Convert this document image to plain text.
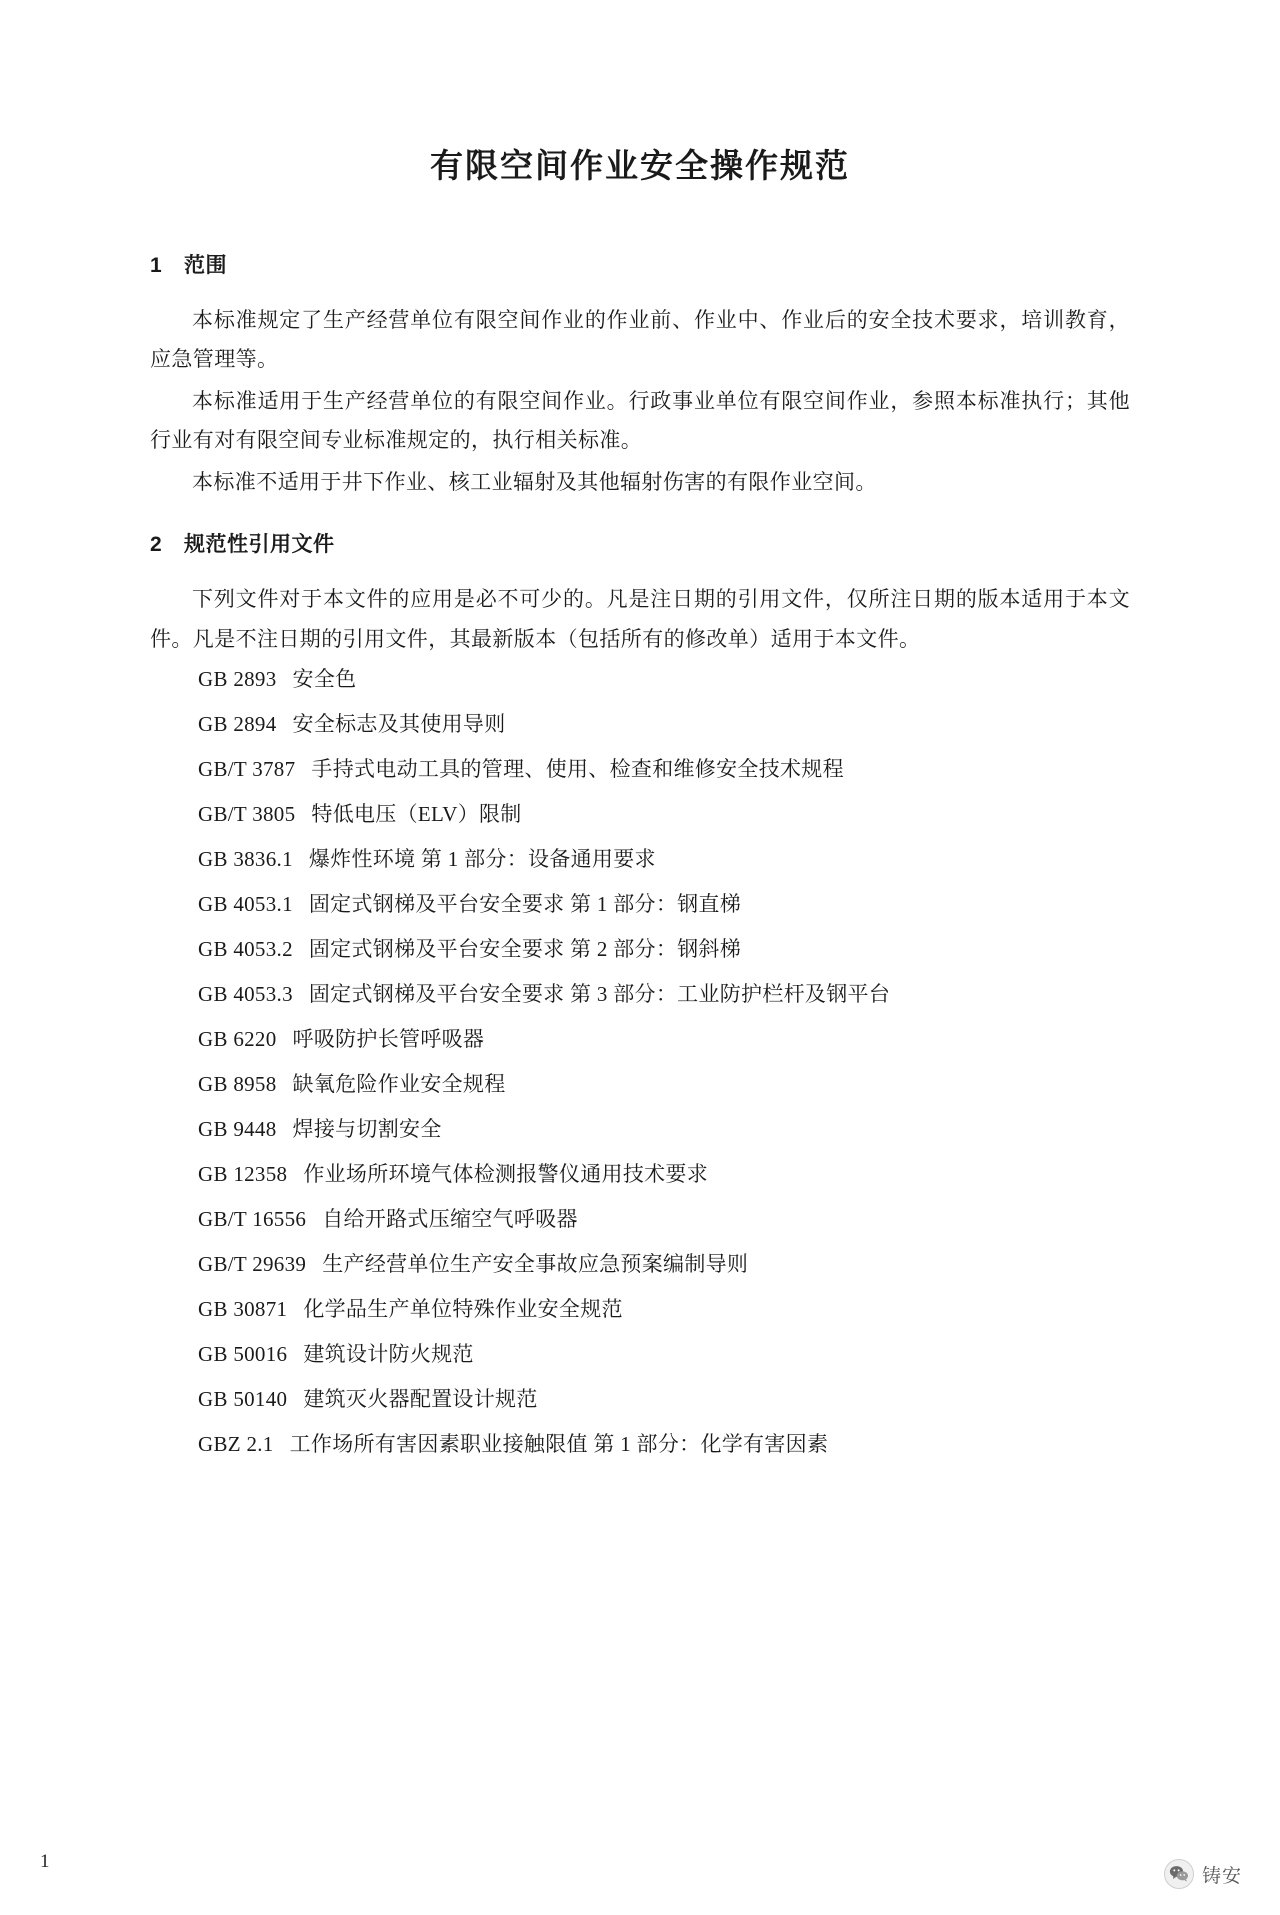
有限空间作业安全操作规范
1 范围

本标准规定了生产经营单位有限空间作业的作业前、作业中、作业后的安全技术要求，培训教育，应急管理等。

本标准适用于生产经营单位的有限空间作业。行政事业单位有限空间作业，参照本标准执行；其他行业有对有限空间专业标准规定的，执行相关标准。

本标准不适用于井下作业、核工业辐射及其他辐射伤害的有限作业空间。

2 规范性引用文件

下列文件对于本文件的应用是必不可少的。凡是注日期的引用文件，仅所注日期的版本适用于本文件。凡是不注日期的引用文件，其最新版本（包括所有的修改单）适用于本文件。

GB 2893 安全色
GB 2894 安全标志及其使用导则
GB/T 3787 手持式电动工具的管理、使用、检查和维修安全技术规程
GB/T 3805 特低电压（ELV）限制
GB 3836.1 爆炸性环境 第 1 部分：设备通用要求
GB 4053.1 固定式钢梯及平台安全要求 第 1 部分：钢直梯
GB 4053.2 固定式钢梯及平台安全要求 第 2 部分：钢斜梯
GB 4053.3 固定式钢梯及平台安全要求 第 3 部分：工业防护栏杆及钢平台
GB 6220 呼吸防护长管呼吸器
GB 8958 缺氧危险作业安全规程
GB 9448 焊接与切割安全
GB 12358 作业场所环境气体检测报警仪通用技术要求
GB/T 16556 自给开路式压缩空气呼吸器
GB/T 29639 生产经营单位生产安全事故应急预案编制导则
GB 30871 化学品生产单位特殊作业安全规范
GB 50016 建筑设计防火规范
GB 50140 建筑灭火器配置设计规范
GBZ 2.1 工作场所有害因素职业接触限值 第 1 部分：化学有害因素
1
铸安
